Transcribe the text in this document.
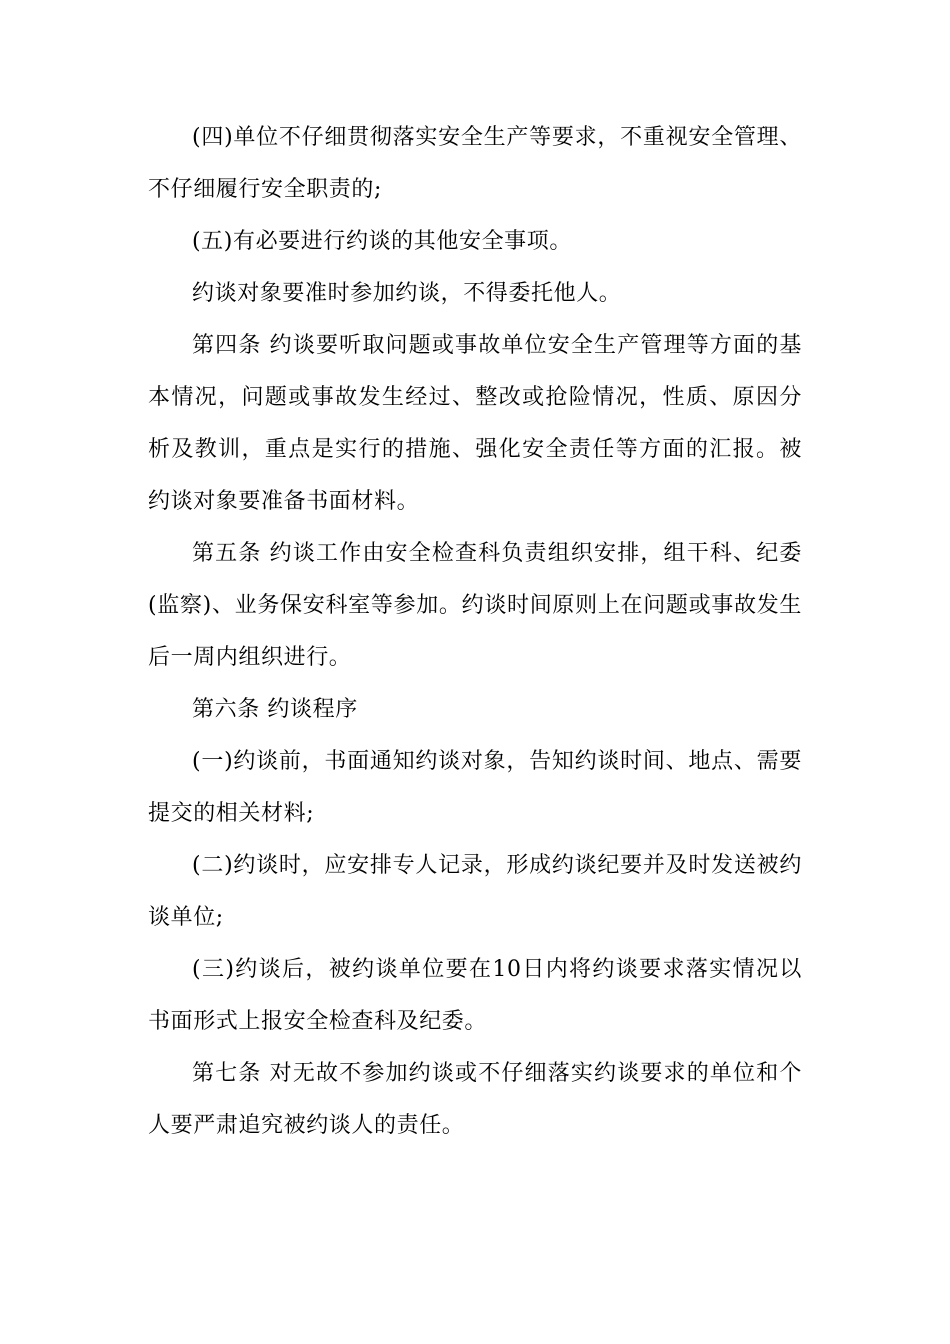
(四)单位不仔细贯彻落实安全生产等要求，不重视安全管理、不仔细履行安全职责的;

(五)有必要进行约谈的其他安全事项。

约谈对象要准时参加约谈，不得委托他人。

第四条 约谈要听取问题或事故单位安全生产管理等方面的基本情况，问题或事故发生经过、整改或抢险情况，性质、原因分析及教训，重点是实行的措施、强化安全责任等方面的汇报。被约谈对象要准备书面材料。

第五条 约谈工作由安全检查科负责组织安排，组干科、纪委(监察)、业务保安科室等参加。约谈时间原则上在问题或事故发生后一周内组织进行。

第六条 约谈程序

(一)约谈前，书面通知约谈对象，告知约谈时间、地点、需要提交的相关材料;

(二)约谈时，应安排专人记录，形成约谈纪要并及时发送被约谈单位;

(三)约谈后，被约谈单位要在10日内将约谈要求落实情况以书面形式上报安全检查科及纪委。

第七条 对无故不参加约谈或不仔细落实约谈要求的单位和个人要严肃追究被约谈人的责任。
